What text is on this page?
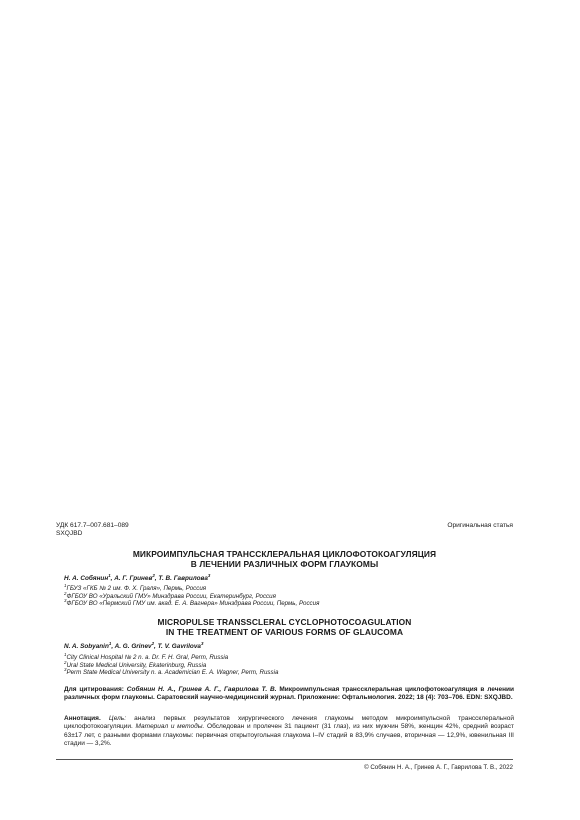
УДК 617.7–007.681–089
SXQJBD
Оригинальная статья
МИКРОИМПУЛЬСНАЯ ТРАНССКЛЕРАЛЬНАЯ ЦИКЛОФОТОКОАГУЛЯЦИЯ
В ЛЕЧЕНИИ РАЗЛИЧНЫХ ФОРМ ГЛАУКОМЫ
Н. А. Собянин$^1$, А. Г. Гринев$^2$, Т. В. Гаврилова$^3$
$^1$ГБУЗ «ГКБ № 2 им. Ф. Х. Граля», Пермь, Россия
$^2$ФГБОУ ВО «Уральский ГМУ» Минздрава России, Екатеринбург, Россия
$^3$ФГБОУ ВО «Пермский ГМУ им. акад. Е. А. Вагнера» Минздрава России, Пермь, Россия
MICROPULSE TRANSSCLERAL CYCLOPHOTOCOAGULATION
IN THE TREATMENT OF VARIOUS FORMS OF GLAUCOMA
N. A. Sobyanin$^1$, A. G. Grinev$^2$, T. V. Gavrilova$^3$
$^1$City Clinical Hospital № 2 n. a. Dr. F. H. Gral, Perm, Russia
$^2$Ural State Medical University, Ekaterinburg, Russia
$^3$Perm State Medical University n. a. Academician E. A. Wagner, Perm, Russia
Для цитирования: Собянин Н. А., Гринев А. Г., Гаврилова Т. В. Микроимпульсная транссклеральная циклофотокоагуляция в лечении различных форм глаукомы. Саратовский научно-медицинский журнал. Приложение: Офтальмология. 2022; 18 (4): 703–706. EDN: SXQJBD.
Аннотация. Цель: анализ первых результатов хирургического лечения глаукомы методом микроимпульсной транссклеральной циклофотокоагуляции. Материал и методы. Обследован и пролечен 31 пациент (31 глаз), из них мужчин 58%, женщин 42%, средний возраст 63±17 лет, с разными формами глаукомы: первичная открытоугольная глаукома I–IV стадий в 83,9% случаев, вторичная — 12,9%, ювенильная III стадии — 3,2%.
© Собянин Н. А., Гринев А. Г., Гаврилова Т. В., 2022
